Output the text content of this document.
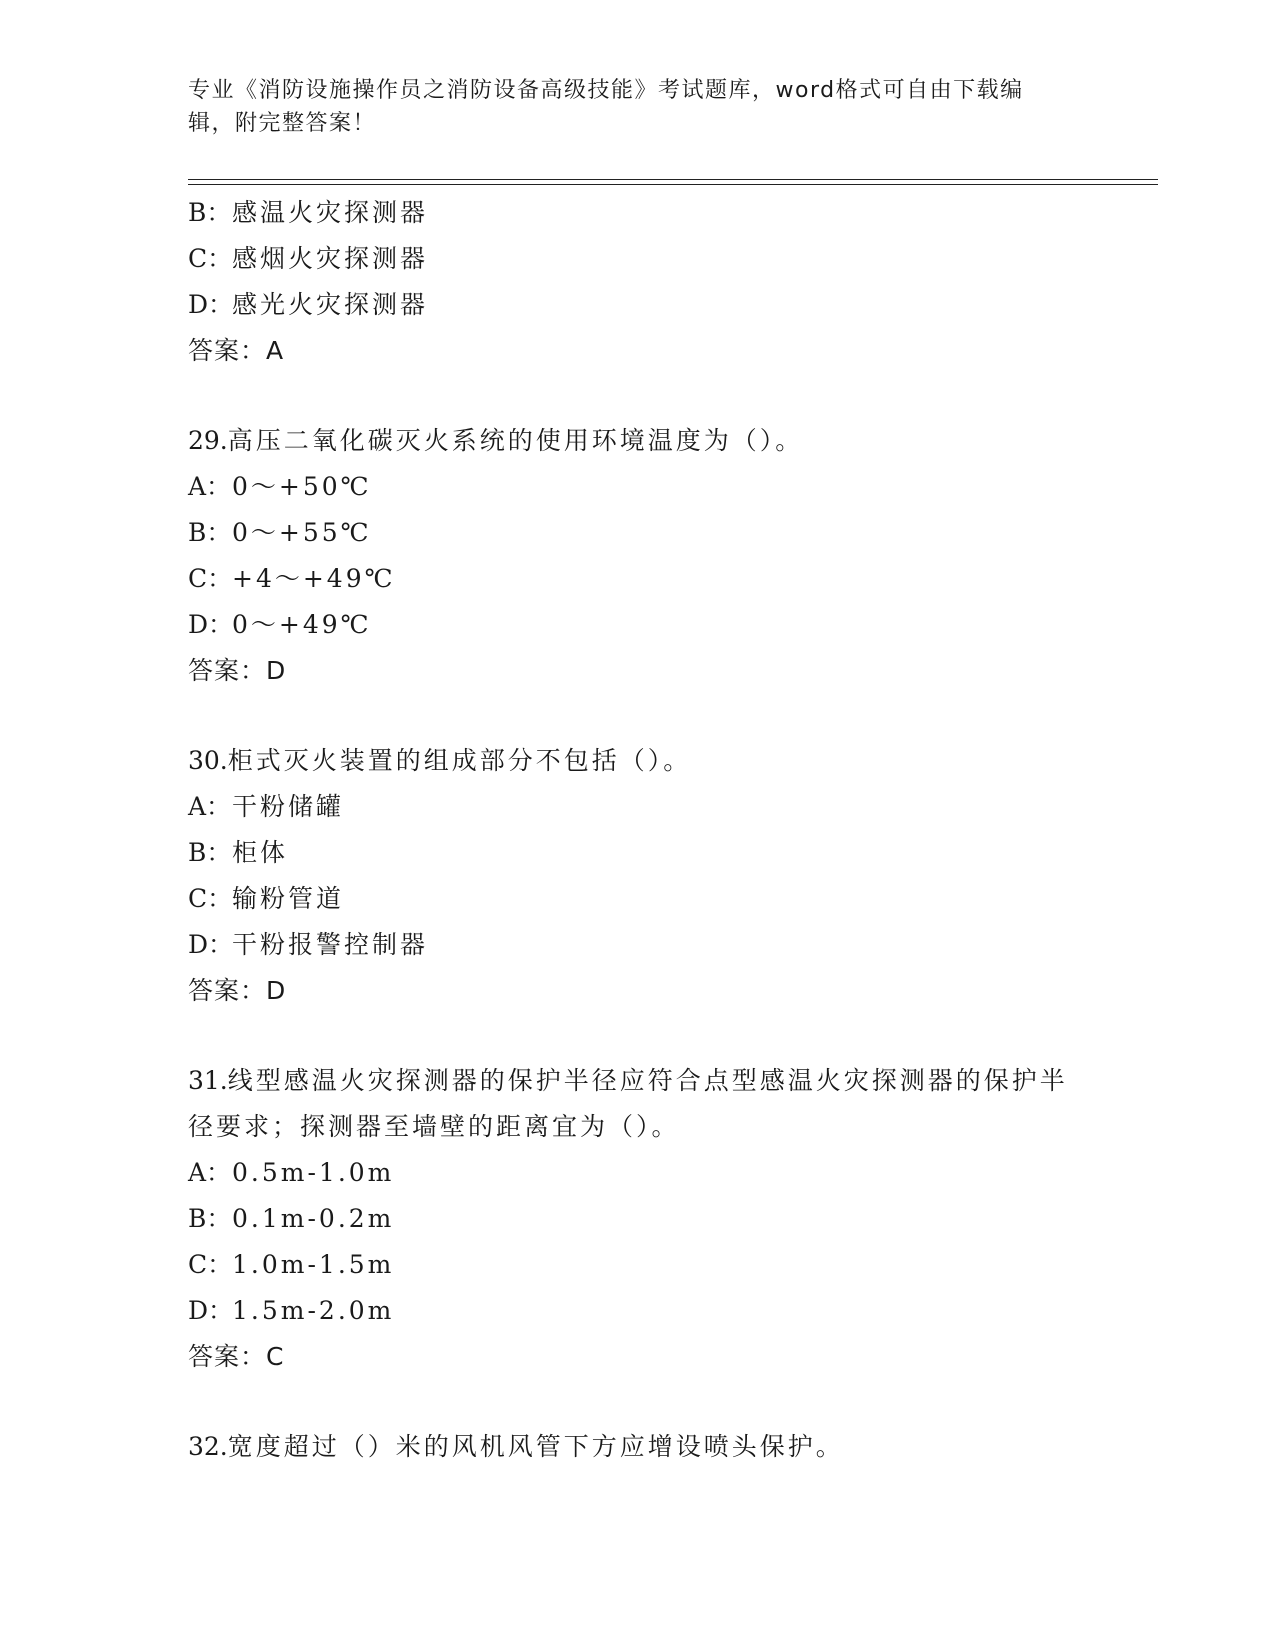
专业《消防设施操作员之消防设备高级技能》考试题库，word格式可自由下载编辑，附完整答案！
B：感温火灾探测器
C：感烟火灾探测器
D：感光火灾探测器
答案：A
29.高压二氧化碳灭火系统的使用环境温度为（）。
A：0～+50℃
B：0～+55℃
C：+4～+49℃
D：0～+49℃
答案：D
30.柜式灭火装置的组成部分不包括（）。
A：干粉储罐
B：柜体
C：输粉管道
D：干粉报警控制器
答案：D
31.线型感温火灾探测器的保护半径应符合点型感温火灾探测器的保护半径要求；探测器至墙壁的距离宜为（）。
A：0.5m-1.0m
B：0.1m-0.2m
C：1.0m-1.5m
D：1.5m-2.0m
答案：C
32.宽度超过（）米的风机风管下方应增设喷头保护。
